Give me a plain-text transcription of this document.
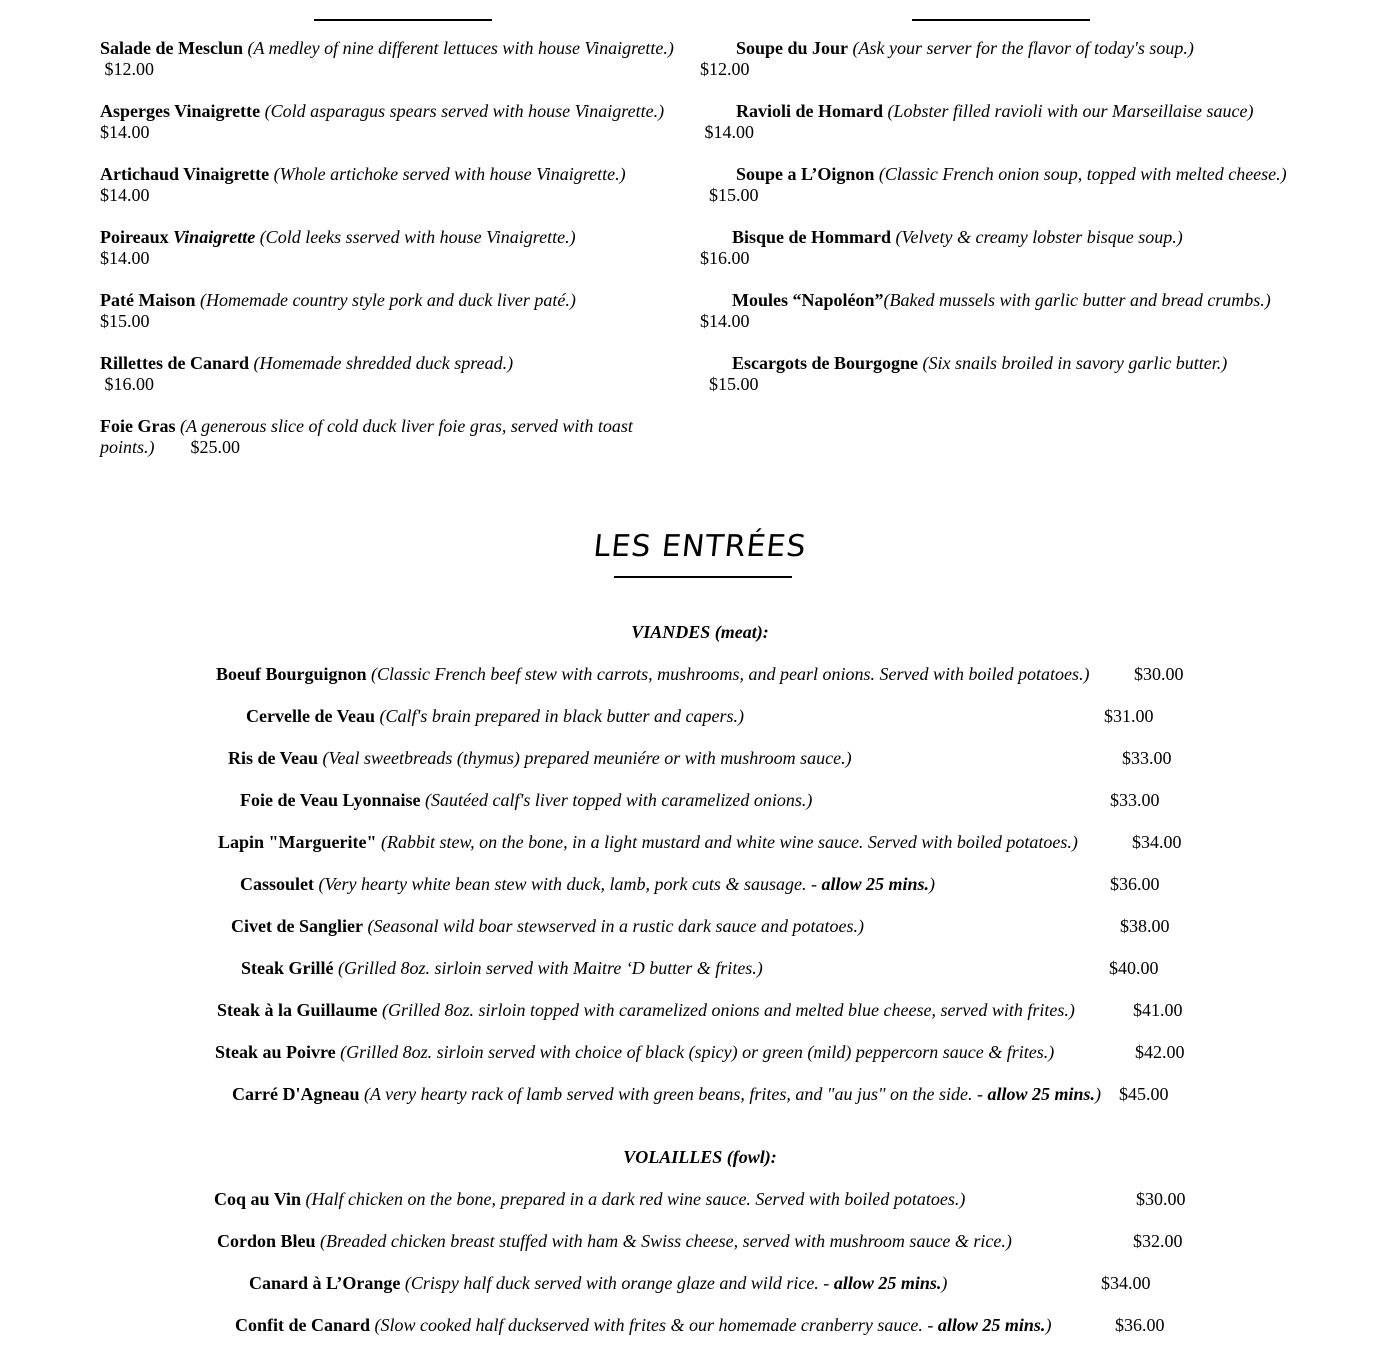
Salade de Mesclun (A medley of nine different lettuces with house Vinaigrette.)
$12.00
Asperges Vinaigrette (Cold asparagus spears served with house Vinaigrette.)
$14.00
Artichaud Vinaigrette (Whole artichoke served with house Vinaigrette.)
$14.00
Poireaux Vinaigrette (Cold leeks sserved with house Vinaigrette.)
$14.00
Paté Maison (Homemade country style pork and duck liver paté.)
$15.00
Rillettes de Canard (Homemade shredded duck spread.)
$16.00
Foie Gras (A generous slice of cold duck liver foie gras, served with toast points.) $25.00
Soupe du Jour (Ask your server for the flavor of today's soup.)
$12.00
Ravioli de Homard (Lobster filled ravioli with our Marseillaise sauce)
$14.00
Soupe a L’Oignon (Classic French onion soup, topped with melted cheese.)
$15.00
Bisque de Hommard (Velvety & creamy lobster bisque soup.)
$16.00
Moules “Napoléon”(Baked mussels with garlic butter and bread crumbs.)
$14.00
Escargots de Bourgogne (Six snails broiled in savory garlic butter.)
$15.00
LES ENTRÉES
VIANDES (meat):
Boeuf Bourguignon (Classic French beef stew with carrots, mushrooms, and pearl onions. Served with boiled potatoes.) $30.00
Cervelle de Veau (Calf's brain prepared in black butter and capers.)	$31.00
Ris de Veau (Veal sweetbreads (thymus) prepared meuniére or with mushroom sauce.)	$33.00
Foie de Veau Lyonnaise (Sautéed calf's liver topped with caramelized onions.)	$33.00
Lapin "Marguerite" (Rabbit stew, on the bone, in a light mustard and white wine sauce. Served with boiled potatoes.)	$34.00
Cassoulet (Very hearty white bean stew with duck, lamb, pork cuts & sausage. - allow 25 mins.)	$36.00
Civet de Sanglier (Seasonal wild boar stewserved in a rustic dark sauce and potatoes.)	$38.00
Steak Grillé (Grilled 8oz. sirloin served with Maitre ‘D butter & frites.)	$40.00
Steak à la Guillaume (Grilled 8oz. sirloin topped with caramelized onions and melted blue cheese, served with frites.)	$41.00
Steak au Poivre (Grilled 8oz. sirloin served with choice of black (spicy) or green (mild) peppercorn sauce & frites.)	$42.00
Carré D'Agneau (A very hearty rack of lamb served with green beans, frites, and "au jus" on the side. - allow 25 mins.) $45.00
VOLAILLES (fowl):
Coq au Vin (Half chicken on the bone, prepared in a dark red wine sauce. Served with boiled potatoes.)	$30.00
Cordon Bleu (Breaded chicken breast stuffed with ham & Swiss cheese, served with mushroom sauce & rice.)	$32.00
Canard à L’Orange (Crispy half duck served with orange glaze and wild rice. - allow 25 mins.)	$34.00
Confit de Canard (Slow cooked half duckserved with frites & our homemade cranberry sauce. - allow 25 mins.)	$36.00
